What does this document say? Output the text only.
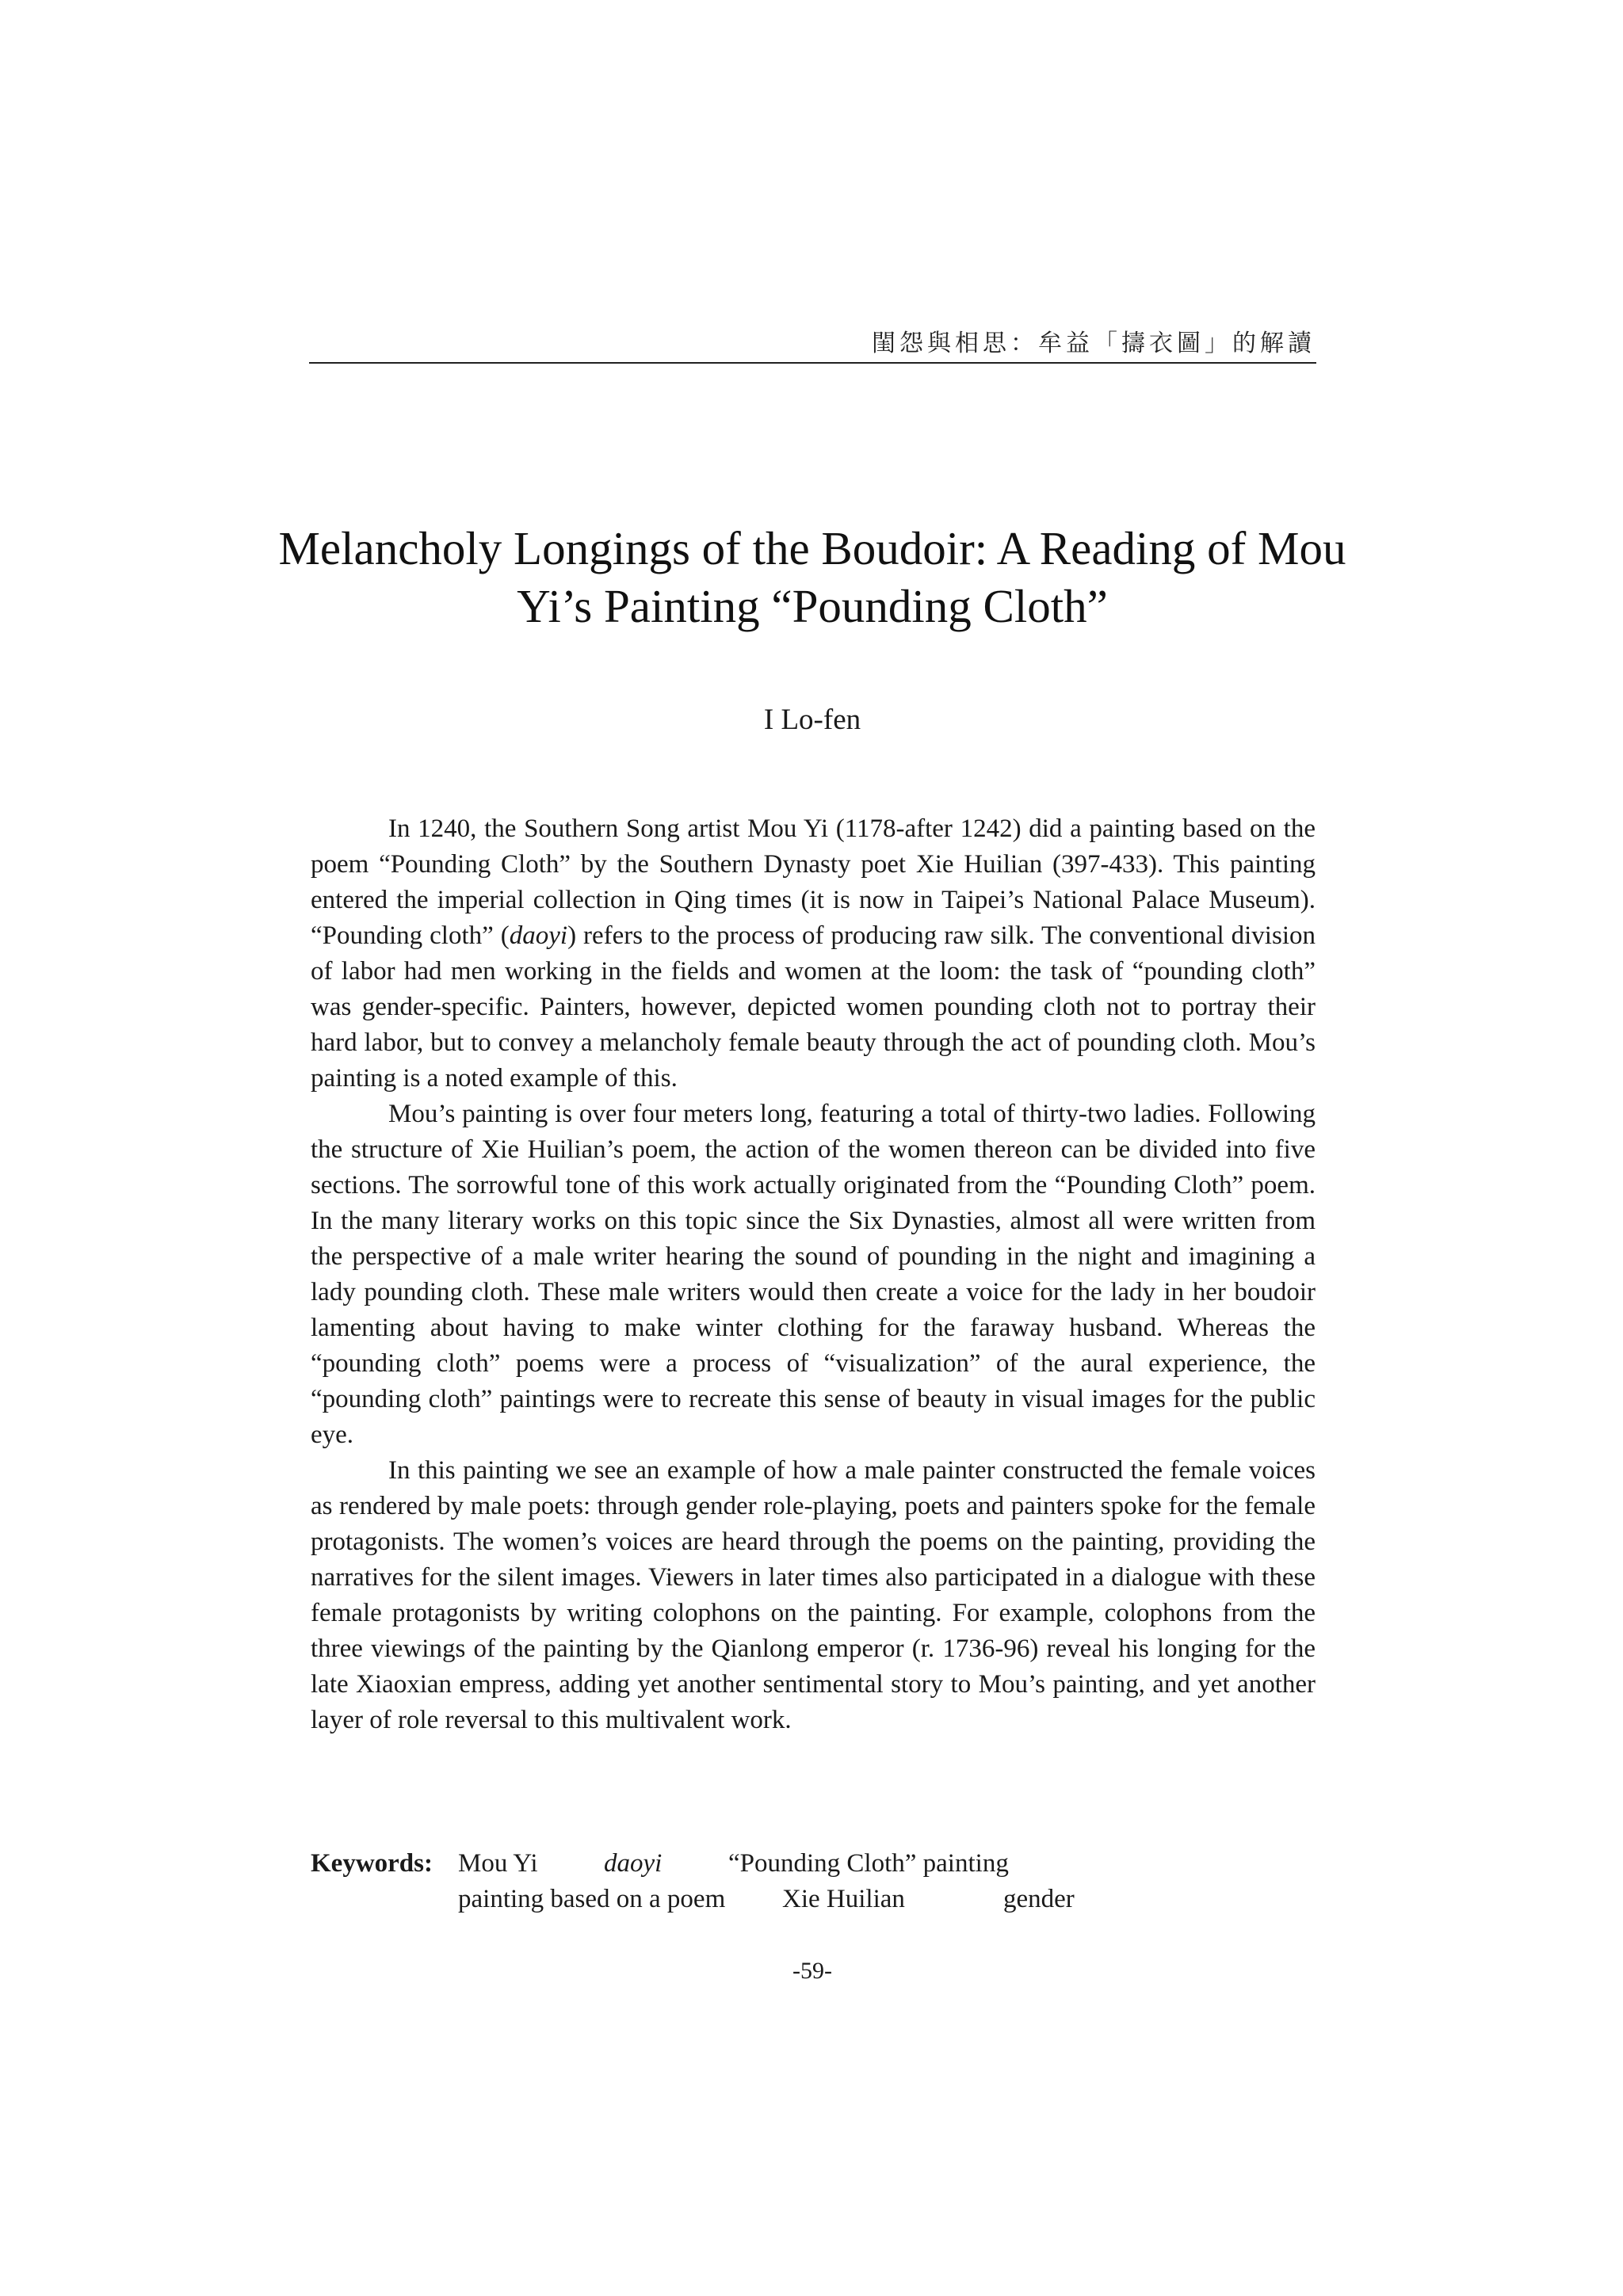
閨怨與相思：牟益「擣衣圖」的解讀
Melancholy Longings of the Boudoir: A Reading of Mou
Yi’s Painting “Pounding Cloth”
I Lo-fen

In 1240, the Southern Song artist Mou Yi (1178-after 1242) did a painting based on the poem “Pounding Cloth” by the Southern Dynasty poet Xie Huilian (397-433). This painting entered the imperial collection in Qing times (it is now in Taipei’s National Palace Museum). “Pounding cloth” (daoyi) refers to the process of producing raw silk. The conventional division of labor had men working in the fields and women at the loom: the task of “pounding cloth” was gender-specific. Painters, however, depicted women pounding cloth not to portray their hard labor, but to convey a melancholy female beauty through the act of pounding cloth. Mou’s painting is a noted example of this.

Mou’s painting is over four meters long, featuring a total of thirty-two ladies. Following the structure of Xie Huilian’s poem, the action of the women thereon can be divided into five sections. The sorrowful tone of this work actually originated from the “Pounding Cloth” poem. In the many literary works on this topic since the Six Dynasties, almost all were written from the perspective of a male writer hearing the sound of pounding in the night and imagining a lady pounding cloth. These male writers would then create a voice for the lady in her boudoir lamenting about having to make winter clothing for the faraway husband. Whereas the “pounding cloth” poems were a process of “visualization” of the aural experience, the “pounding cloth” paintings were to recreate this sense of beauty in visual images for the public eye.

In this painting we see an example of how a male painter constructed the female voices as rendered by male poets: through gender role-playing, poets and painters spoke for the female protagonists. The women’s voices are heard through the poems on the painting, providing the narratives for the silent images. Viewers in later times also participated in a dialogue with these female protagonists by writing colophons on the painting. For example, colophons from the three viewings of the painting by the Qianlong emperor (r. 1736-96) reveal his longing for the late Xiaoxian empress, adding yet another sentimental story to Mou’s painting, and yet another layer of role reversal to this multivalent work.

Keywords: Mou Yi	daoyi	“Pounding Cloth” painting
painting based on a poem Xie Huilian	gender
-59-
